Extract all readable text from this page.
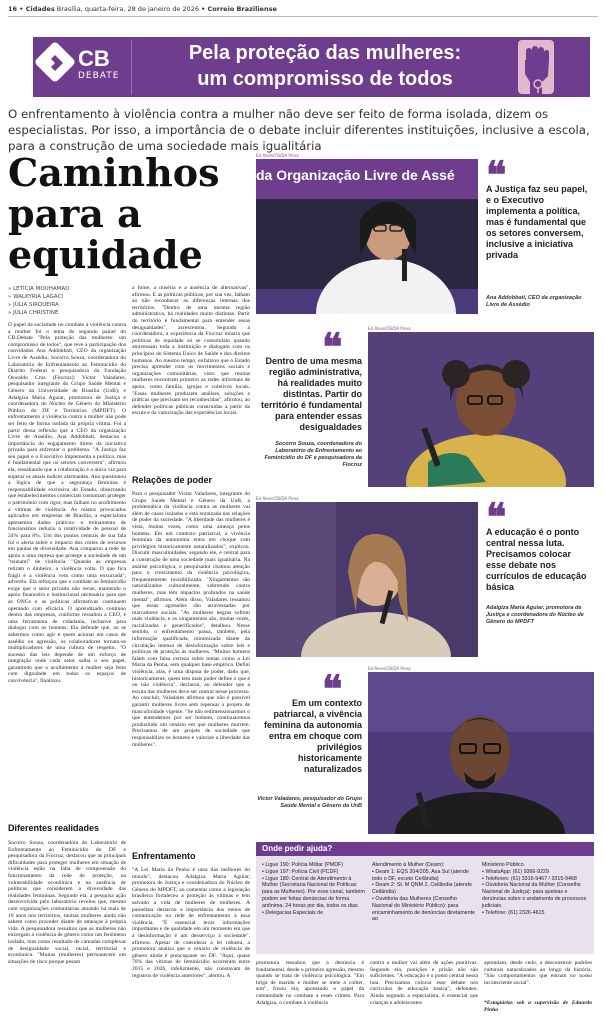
16 • Cidades Brasília, quarta-feira, 28 de janeiro de 2026 • Correio Braziliense
CB
DEBATE
Pela proteção das mulheres:
um compromisso de todos
O enfrentamento à violência contra a mulher não deve ser feito de forma isolada, dizem os especialistas. Por isso, a importância de o debate incluir diferentes instituições, inclusive a escola, para a construção de uma sociedade mais igualitária
Caminhos
para a
equidade
» LETÍCIA MOUHAMAD
» WALKYRIA LAGACI
» JÚLIA SIRQUEIRA
» JÚLIA CHRISTINE
O papel da sociedade no combate à violência contra a mulher foi o tema do segundo painel do CB.Debate "Pela proteção das mulheres: um compromisso de todos", que teve a participação dos convidados Ana Addobbati, CEO da organização Livre de Assédio; Socorro Souza, coordenadora do Laboratório de Enfrentamento ao Feminicídio do Distrito Federal e pesquisadora da Fundação Oswaldo Cruz (Fiocruz); Victor Valadares, pesquisador integrante do Grupo Saúde Mental e Gênero da Universidade de Brasília (UnB); e Adalgiza Maria Aguiar, promotora de Justiça e coordenadora do Núcleo de Gênero do Ministério Público do DF e Territórios (MPDFT). O enfrentamento à violência contra a mulher não pode ser feito de forma isolada da própria vítima. Foi a partir dessa reflexão que a CEO da organização Livre de Assédio, Ana Addobbati, destacou a importância do engajamento direto da iniciativa privada para enfrentar o problema. "A Justiça faz seu papel e o Executivo implementa a política, mas é fundamental que os setores conversem", afirmou ela, ressaltando que a colaboração é a única via para superar os atuais índices alarmantes. Ana questionou a lógica de que a segurança feminina é responsabilidade exclusiva do Estado, observando que estabelecimentos comerciais costumam proteger o patrimônio com rigor, mas falham no acolhimento a vítimas de violência. As relatos provocados aplicados em empresas de Brasília, a especialista apresentou dados práticos: o treinamento de funcionários reduziu a rotatividade de pessoal de 24% para 8%. Um dos pontos centrais de sua fala foi o alerta sobre o impacto dos cortes de recursos em pautas de diversidade. Ana comparou a rede de apoio a uma represa que protege a sociedade de um "tsunami" de violência. "Quando as empresas retiram o dinheiro, a violência volta. O que fica frágil é a violência vem como uma enxurrada", advertiu. Ela reforçou que o combate ao feminicídio exige que o setor privado não recue, mantendo o apoio financeiro e institucional necessário para que as ONGs e as políticas afirmativas continuem operando com eficácia. O aprendizado contínuo dentro das empresas, conforme ressaltou a CEO, é uma ferramenta de cidadania, inclusive para dialogar com os homens. Ela defende que, ao se sabermos como agir e quem acionar em casos de assédio ou agressão, os colaboradores tornam-se multiplicadores de uma cultura de respeito. "O sucesso das leis depende de um esforço de integração onde cada setor saiba o seu papel, garantindo que o acolhimento à mulher seja feito com dignidade em todos os espaços de convivência", finalizou.
Diferentes realidades
Socorro Souza, coordenadora do Laboratório de Enfrentamento ao Feminicídio do DF e pesquisadora da Fiocruz, destacou que as principais dificuldades para proteger mulheres em situação de violência estão na falta de compreensão do funcionamento da rede de proteção, na vulnerabilidade econômica e na ausência de políticas que considerem a diversidade das realidades femininas. Segundo ela, a pesquisa ação desenvolvida pelo laboratório revelou que, mesmo com organizações comunitárias atuando há mais de 10 anos nos territórios, muitas mulheres ainda não sabem como proceder diante de ameaças à própria vida. A pesquisadora ressaltou que as mulheres não enxergam a violência de gênero como um fenômeno isolado, mas como resultado de camadas complexas de desigualdade social, racial, territorial e econômica. "Muitas (mulheres) permanecem em situações de risco porque pesam
a fome, a miséria e a ausência de alternativas", afirmou. E as políticas públicas, por sua vez, falham ao não reconhecer as diferenças internas dos territórios. "Dentro de uma mesma região administrativa, há realidades muito distintas. Partir do território é fundamental para entender essas desigualdades", acrescentou. Segundo a coordenadora, a experiência da Fiocruz mostra que políticas de equidade só se consolidam quando atravessam toda a instituição e dialogam com os princípios do Sistema Único de Saúde e dos direitos humanos. Ao mesmo tempo, enfatizou que o Estado precisa aprender com os movimentos sociais e organizações comunitárias, visto que muitas mulheres encontram primeiro as redes informais de apoio, como família, igrejas e coletivos locais. "Essas mulheres produzem análises, soluções e práticas que precisam ser reconhecidas", afirmou, ao defender políticas públicas construídas a partir da escuta e da valorização das experiências locais.
Relações de poder
Para o pesquisador Victor Valadares, integrante do Grupo Saúde Mental e Gênero da UnB, a problemática da violência contra as mulheres vai além de casos isolados e está enraizada nas relações de poder da sociedade. "A liberdade das mulheres é vista, muitas vezes, como uma ameaça pelos homens. Em um contexto patriarcal, a vivência feminina da autonomia entra em choque com privilégios historicamente naturalizados", explicou. Discutir masculinidades, segundo ele, é central para a construção de uma sociedade mais igualitária. Na análise psicológica, o pesquisador chamou atenção para o crescimento da violência psicológica, frequentemente invisibilizada. "Xingamentos são naturalizados culturalmente, sobretudo contra mulheres, mas têm impactos profundos na saúde mental", afirmou. Além disso, Valadares ressaltou que essas agressões são atravessadas por marcadores sociais. "As mulheres negras sofrem mais violência, e os xingamentos são, muitas vezes, racializados e generificados", detalhou. Nesse sentido, o enfrentamento passa, também, pela informação qualificada, minimizada diante da circulação intensa de desinformação sobre leis e políticas de proteção às mulheres. "Muitos homens falam com falsa certeza sobre temas como a Lei Maria da Penha, sem qualquer base empírica. Defini violência, alás, é uma disputa de poder, dado que, historicamente, quem tem mais poder define o que é ou não violência", declarou, ao defender que a escuta das mulheres deve ser central nesse processo. Ao concluir, Valadares afirmou que não é possível garantir mulheres livres sem repensar o projeto de masculinidade vigente. "Se não redimensionarmos o que entendemos por ser homem, continuaremos produzindo um cenário em que mulheres morrem. Precisamos de um projeto de sociedade que responsabilize os homens e valorize a liberdade das mulheres".
Enfrentamento
"A Lei Maria da Penha é uma das melhores do mundo", destacou Adalgiza Maria Aguiar, promotora de Justiça e coordenadora do Núcleo de Gênero do MPDFT, ao comentar como a legislação brasileira fortaleceu a proteção às vítimas e tem salvado a vida de mulheres de mulheres. A painelista destacou a importância dos meios de comunicação na rede de enfrentamento à essa violência. "É essencial levar informações importantes e de qualidade em um momento em que a desinformação é um desserviço à sociedade", afirmou. Apesar de considerar a lei robusta, a promotora analisa que o cenário de violência de gênero ainda é preocupante no DF. "Aqui, quase 70% das vítimas de feminicídio ocorreram entre 2015 e 2026, infelizmente, não constavam de registros de violência anteriores", alertou. A
Ed Alves/CB/DA Press
da Organização Livre de Assé ❝
A Justiça faz seu papel, e o Executivo implementa a política, mas é fundamental que os setores conversem, inclusive a iniciativa privada
Ana Addobbati, CEO da organização Livre de Assédio
❝
Dentro de uma mesma região administrativa, há realidades muito distintas. Partir do território é fundamental para entender essas desigualdades
Socorro Souza, coordenadora do Laboratório de Enfrentamento ao Feminicídio do DF e pesquisadora da Fiocruz
Ed Alves/CB/DA Press
Ed Alves/CB/DA Press	❝
A educação é o ponto central nessa luta. Precisamos colocar esse debate nos currículos de educação básica
Adalgiza Maria Aguiar, promotora de Justiça e coordenadora do Núcleo de Gênero do MPDFT
❝
Em um contexto patriarcal, a vivência feminina da autonomia entra em choque com privilégios historicamente naturalizados
Victor Valadares, pesquisador do Grupo Saúde Mental e Gênero da UnB
Ed Alves/CB/DA Press
Onde pedir ajuda?
• Ligue 190: Polícia Militar (PMDF)
• Ligue 197: Polícia Civil (PCDF)
• Ligue 180: Central de Atendimento à Mulher (Secretaria Nacional de Políticas para as Mulheres). Por esse canal, também podem ser feitas denúncias de forma anônima, 24 horas por dia, todos os dias.
• Delegacias Especiais de
Atendimento à Mulher (Deam):
• Deam 1: EQS 204/205, Asa Sul (atende todo o DF, exceto Ceilândia)
• Deam 2: St. M QNM 2, Ceilândia (atende Ceilândia)
• Ouvidoria das Mulheres (Conselho Nacional do Ministério Público): para encaminhamento de denúncias diretamente ao
Ministério Público.
• WhatsApp: (61) 9366-9229
• Telefones: (61) 3315-9467 / 3315-9468
• Ouvidoria Nacional da Mulher (Conselho Nacional de Justiça): para queixas e denúncias sobre o andamento de processos judiciais.
• Telefone: (61) 2326-4615
promotora ressaltou que a denúncia é fundamental, desde o primeiro agressão, mesmo quando se trata de violência psicológica. "Em briga de marido e mulher se mete a colher, sim", frisou ela, apontando o papel da comunidade no combate a esses crimes. Para Adalgiza, o combate à violência
contra a mulher vai além de ações punitivas. Segundo ela, punições e prisão não são suficientes. "A educação é o ponto central nessa luta. Precisamos colocar esse debate nos currículos de educação básica", defendeu. Ainda segundo a especialista, é essencial que crianças e adolescentes
aprendam, desde cedo, a desconstruir padrões culturais naturalizados ao longo da história. "São comportamentos que entram no nosso inconsciente social".
*Estagiárias sob a supervisão de Eduardo Pinho
